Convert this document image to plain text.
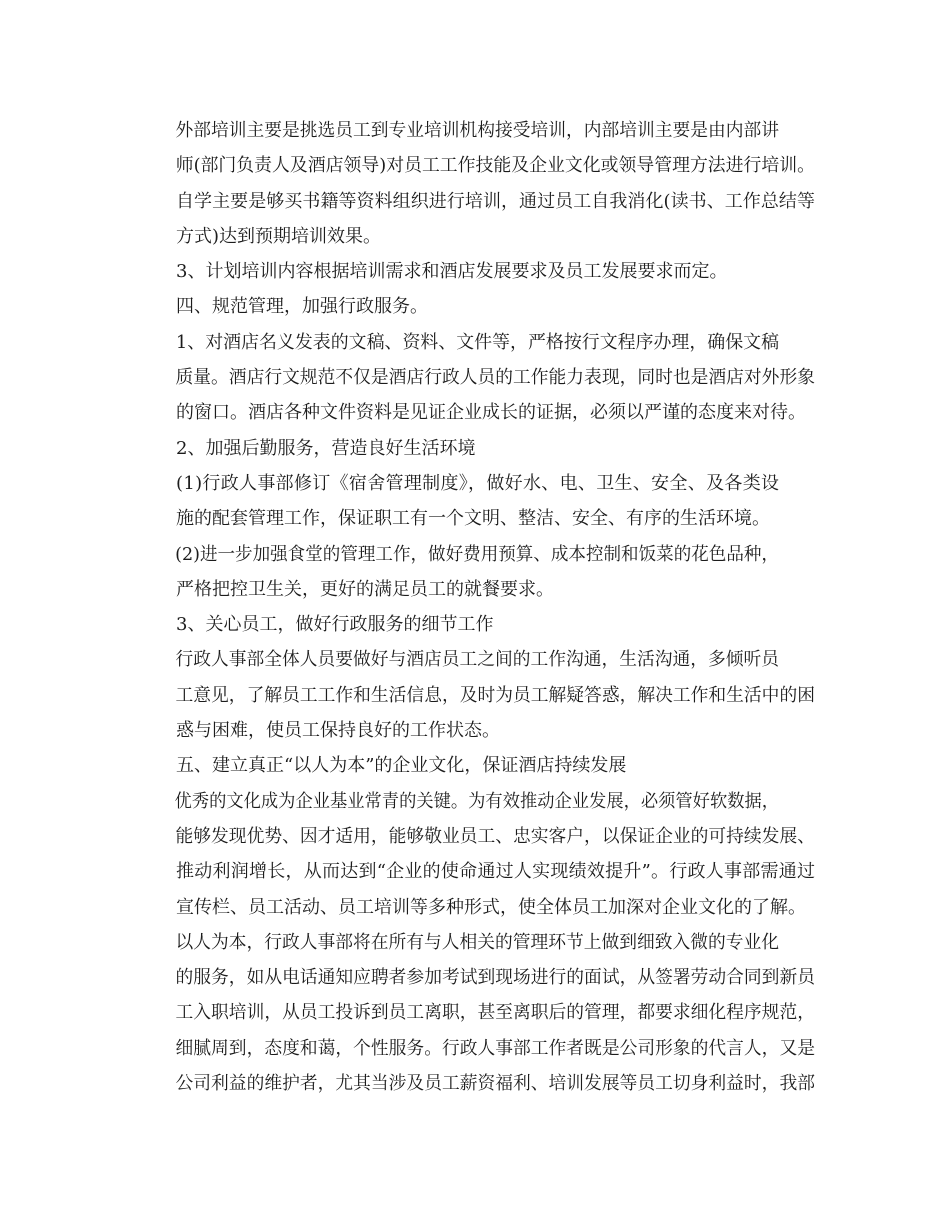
外部培训主要是挑选员工到专业培训机构接受培训，内部培训主要是由内部讲
师(部门负责人及酒店领导)对员工工作技能及企业文化或领导管理方法进行培训。
自学主要是够买书籍等资料组织进行培训，通过员工自我消化(读书、工作总结等
方式)达到预期培训效果。
3、计划培训内容根据培训需求和酒店发展要求及员工发展要求而定。
四、规范管理，加强行政服务。
1、对酒店名义发表的文稿、资料、文件等，严格按行文程序办理，确保文稿
质量。酒店行文规范不仅是酒店行政人员的工作能力表现，同时也是酒店对外形象
的窗口。酒店各种文件资料是见证企业成长的证据，必须以严谨的态度来对待。
2、加强后勤服务，营造良好生活环境
(1)行政人事部修订《宿舍管理制度》，做好水、电、卫生、安全、及各类设
施的配套管理工作，保证职工有一个文明、整洁、安全、有序的生活环境。
(2)进一步加强食堂的管理工作，做好费用预算、成本控制和饭菜的花色品种，
严格把控卫生关，更好的满足员工的就餐要求。
3、关心员工，做好行政服务的细节工作
行政人事部全体人员要做好与酒店员工之间的工作沟通，生活沟通，多倾听员
工意见，了解员工工作和生活信息，及时为员工解疑答惑，解决工作和生活中的困
惑与困难，使员工保持良好的工作状态。
五、建立真正“以人为本”的企业文化，保证酒店持续发展
优秀的文化成为企业基业常青的关键。为有效推动企业发展，必须管好软数据，
能够发现优势、因才适用，能够敬业员工、忠实客户，以保证企业的可持续发展、
推动利润增长，从而达到“企业的使命通过人实现绩效提升”。行政人事部需通过
宣传栏、员工活动、员工培训等多种形式，使全体员工加深对企业文化的了解。
以人为本，行政人事部将在所有与人相关的管理环节上做到细致入微的专业化
的服务，如从电话通知应聘者参加考试到现场进行的面试，从签署劳动合同到新员
工入职培训，从员工投诉到员工离职，甚至离职后的管理，都要求细化程序规范，
细腻周到，态度和蔼，个性服务。行政人事部工作者既是公司形象的代言人，又是
公司利益的维护者，尤其当涉及员工薪资福利、培训发展等员工切身利益时，我部
